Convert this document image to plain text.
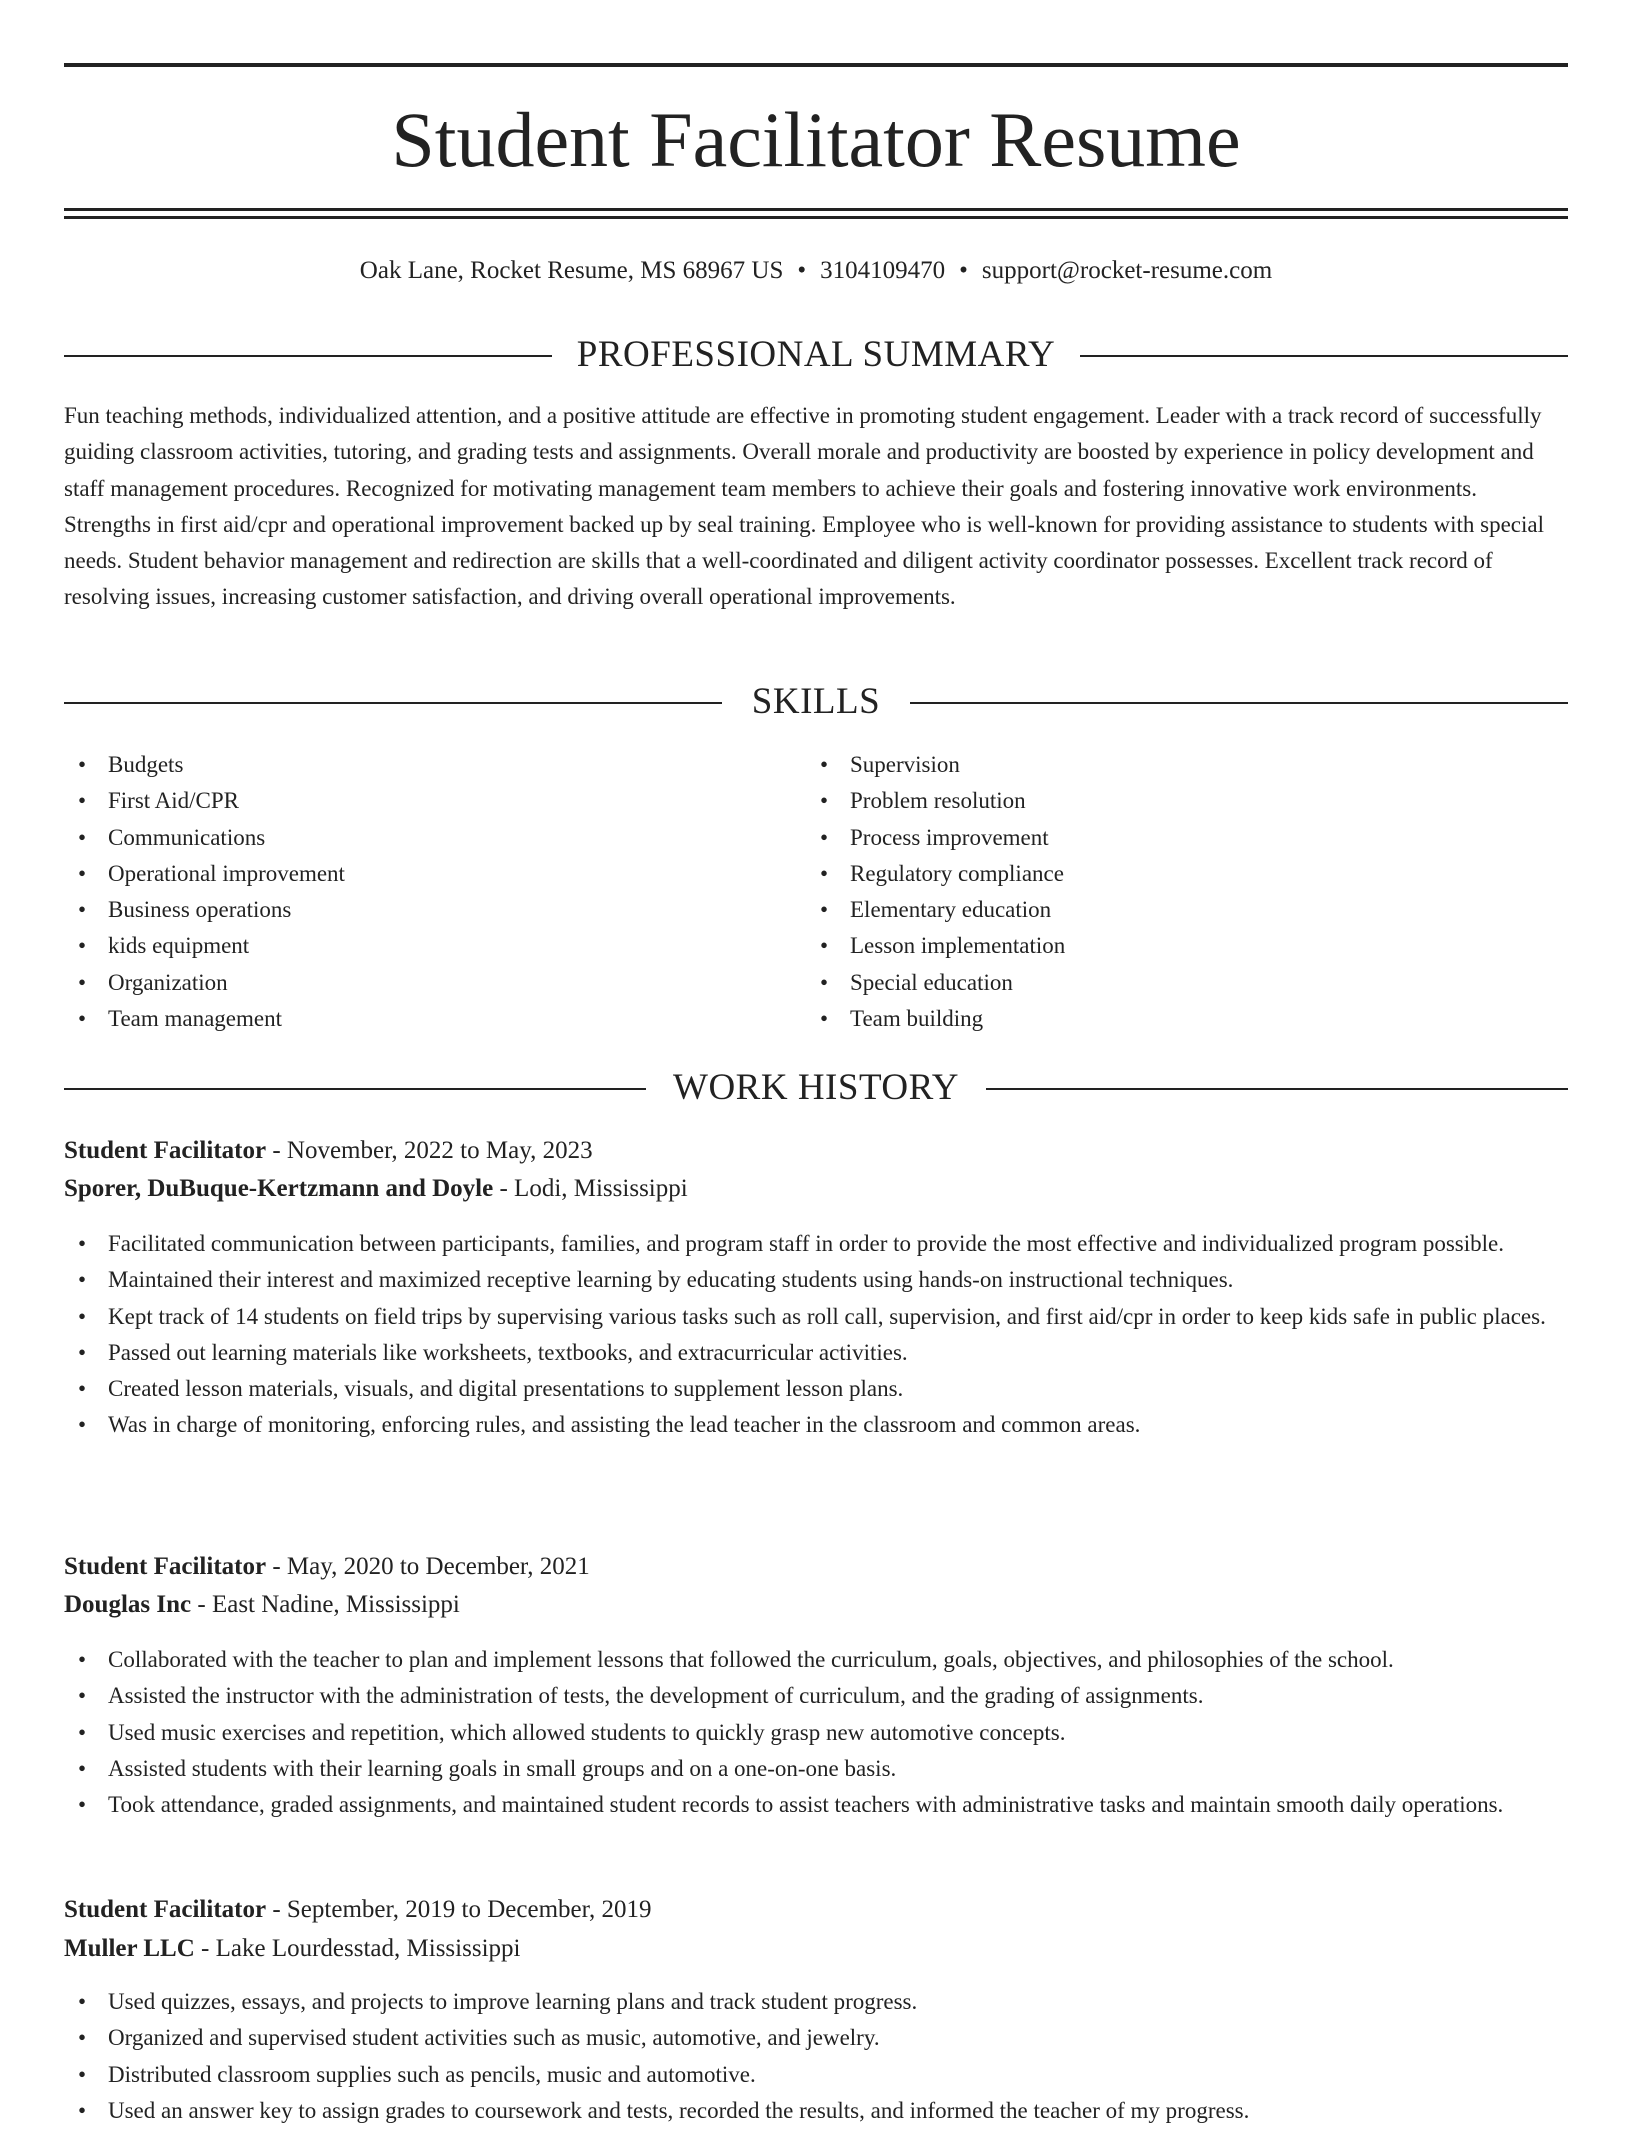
Student Facilitator Resume
Oak Lane, Rocket Resume, MS 68967 US • 3104109470 • support@rocket-resume.com
PROFESSIONAL SUMMARY

Fun teaching methods, individualized attention, and a positive attitude are effective in promoting student engagement. Leader with a track record of successfully guiding classroom activities, tutoring, and grading tests and assignments. Overall morale and productivity are boosted by experience in policy development and staff management procedures. Recognized for motivating management team members to achieve their goals and fostering innovative work environments. Strengths in first aid/cpr and operational improvement backed up by seal training. Employee who is well-known for providing assistance to students with special needs. Student behavior management and redirection are skills that a well-coordinated and diligent activity coordinator possesses. Excellent track record of resolving issues, increasing customer satisfaction, and driving overall operational improvements.

SKILLS
• Budgets
• First Aid/CPR
• Communications
• Operational improvement
• Business operations
• kids equipment
• Organization
• Team management
• Supervision
• Problem resolution
• Process improvement
• Regulatory compliance
• Elementary education
• Lesson implementation
• Special education
• Team building
WORK HISTORY
Student Facilitator - November, 2022 to May, 2023
Sporer, DuBuque-Kertzmann and Doyle - Lodi, Mississippi
• Facilitated communication between participants, families, and program staff in order to provide the most effective and individualized program possible.
• Maintained their interest and maximized receptive learning by educating students using hands-on instructional techniques.
• Kept track of 14 students on field trips by supervising various tasks such as roll call, supervision, and first aid/cpr in order to keep kids safe in public places.
• Passed out learning materials like worksheets, textbooks, and extracurricular activities.
• Created lesson materials, visuals, and digital presentations to supplement lesson plans.
• Was in charge of monitoring, enforcing rules, and assisting the lead teacher in the classroom and common areas.
Student Facilitator - May, 2020 to December, 2021
Douglas Inc - East Nadine, Mississippi
• Collaborated with the teacher to plan and implement lessons that followed the curriculum, goals, objectives, and philosophies of the school.
• Assisted the instructor with the administration of tests, the development of curriculum, and the grading of assignments.
• Used music exercises and repetition, which allowed students to quickly grasp new automotive concepts.
• Assisted students with their learning goals in small groups and on a one-on-one basis.
• Took attendance, graded assignments, and maintained student records to assist teachers with administrative tasks and maintain smooth daily operations.
Student Facilitator - September, 2019 to December, 2019
Muller LLC - Lake Lourdesstad, Mississippi
• Used quizzes, essays, and projects to improve learning plans and track student progress.
• Organized and supervised student activities such as music, automotive, and jewelry.
• Distributed classroom supplies such as pencils, music and automotive.
• Used an answer key to assign grades to coursework and tests, recorded the results, and informed the teacher of my progress.
